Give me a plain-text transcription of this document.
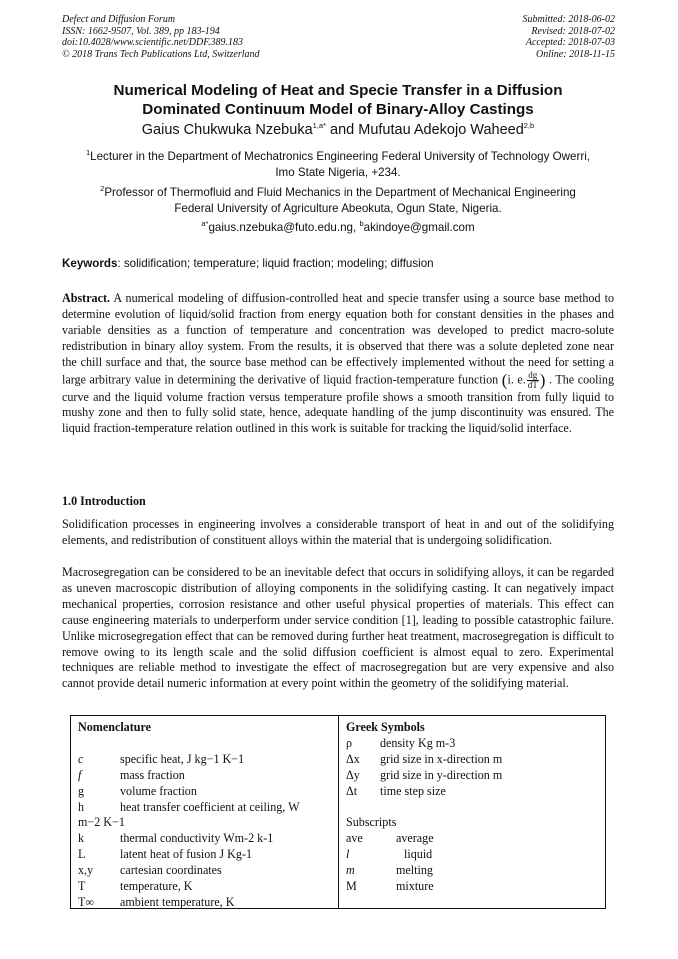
Defect and Diffusion Forum
ISSN: 1662-9507, Vol. 389, pp 183-194
doi:10.4028/www.scientific.net/DDF.389.183
© 2018 Trans Tech Publications Ltd, Switzerland
Submitted: 2018-06-02
Revised: 2018-07-02
Accepted: 2018-07-03
Online: 2018-11-15
Numerical Modeling of Heat and Specie Transfer in a Diffusion
Dominated Continuum Model of Binary-Alloy Castings
Gaius Chukwuka Nzebuka$^{1,a*}$ and Mufutau Adekojo Waheed$^{2,b}$
$^1$Lecturer in the Department of Mechatronics Engineering Federal University of Technology Owerri,
Imo State Nigeria, +234.
$^2$Professor of Thermofluid and Fluid Mechanics in the Department of Mechanical Engineering
Federal University of Agriculture Abeokuta, Ogun State, Nigeria.
$^{a*}$gaius.nzebuka@futo.edu.ng, $^b$akindoye@gmail.com
Keywords: solidification; temperature; liquid fraction; modeling; diffusion
Abstract. A numerical modeling of diffusion-controlled heat and specie transfer using a source base method to determine evolution of liquid/solid fraction from energy equation both for constant densities in the phases and variable densities as a function of temperature and concentration was developed to predict macro-solute redistribution in binary alloy system. From the results, it is observed that there was a solute depleted zone near the chill surface and that, the source base method can be effectively implemented without the need for setting a large arbitrary value in determining the derivative of liquid fraction-temperature function (i. e. $\frac{dg}{dT}$ ) . The cooling curve and the liquid volume fraction versus temperature profile shows a smooth transition from fully liquid to mushy zone and then to fully solid state, hence, adequate handling of the jump discontinuity was ensured. The liquid fraction-temperature relation outlined in this work is suitable for tracking the liquid/solid interface.
1.0 Introduction
Solidification processes in engineering involves a considerable transport of heat in and out of the solidifying elements, and redistribution of constituent alloys within the material that is undergoing solidification.
Macrosegregation can be considered to be an inevitable defect that occurs in solidifying alloys, it can be regarded as uneven macroscopic distribution of alloying components in the solidifying casting. It can negatively impact mechanical properties, corrosion resistance and other useful physical properties of materials. This effect can cause engineering materials to underperform under service condition [1], leading to possible catastrophic failure. Unlike microsegregation effect that can be removed during further heat treatment, macrosegregation is difficult to remove owing to its length scale and the solid diffusion coefficient is almost equal to zero. Experimental techniques are reliable method to investigate the effect of macrosegregation but are very expensive and also cannot provide detail numeric information at every point within the geometry of the solidifying material.
Nomenclature
c	specific heat, J kg−1 K−1
f	mass fraction
g	volume fraction
h	heat transfer coefficient at ceiling, W
m−2 K−1
k	thermal conductivity Wm-2 k-1
L	latent heat of fusion J Kg-1
x,y	cartesian coordinates
T	temperature, K
T∞	ambient temperature, K
Greek Symbols
ρ	density Kg m-3
Δx	grid size in x-direction m
Δy	grid size in y-direction m
Δt	time step size
Subscripts
ave	average
l	liquid
m	melting
M	mixture
